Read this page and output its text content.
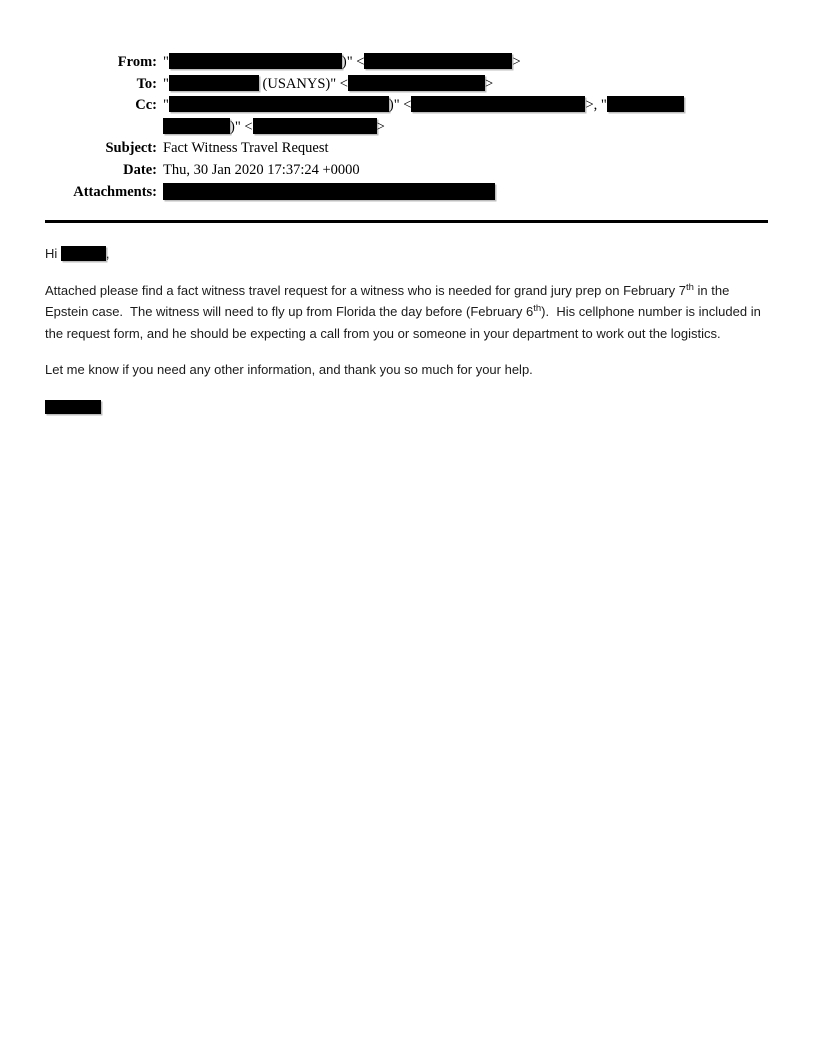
From: "	)" <	>
To: "	(USANYS)" <	>
Cc: "	)" <	>, "
)" <	>
Subject: Fact Witness Travel Request
Date: Thu, 30 Jan 2020 17:37:24 +0000
Attachments:

Hi	,

Attached please find a fact witness travel request for a witness who is needed for grand jury prep on February 7th in the Epstein case.  The witness will need to fly up from Florida the day before (February 6th).  His cellphone number is included in the request form, and he should be expecting a call from you or someone in your department to work out the logistics.

Let me know if you need any other information, and thank you so much for your help.
